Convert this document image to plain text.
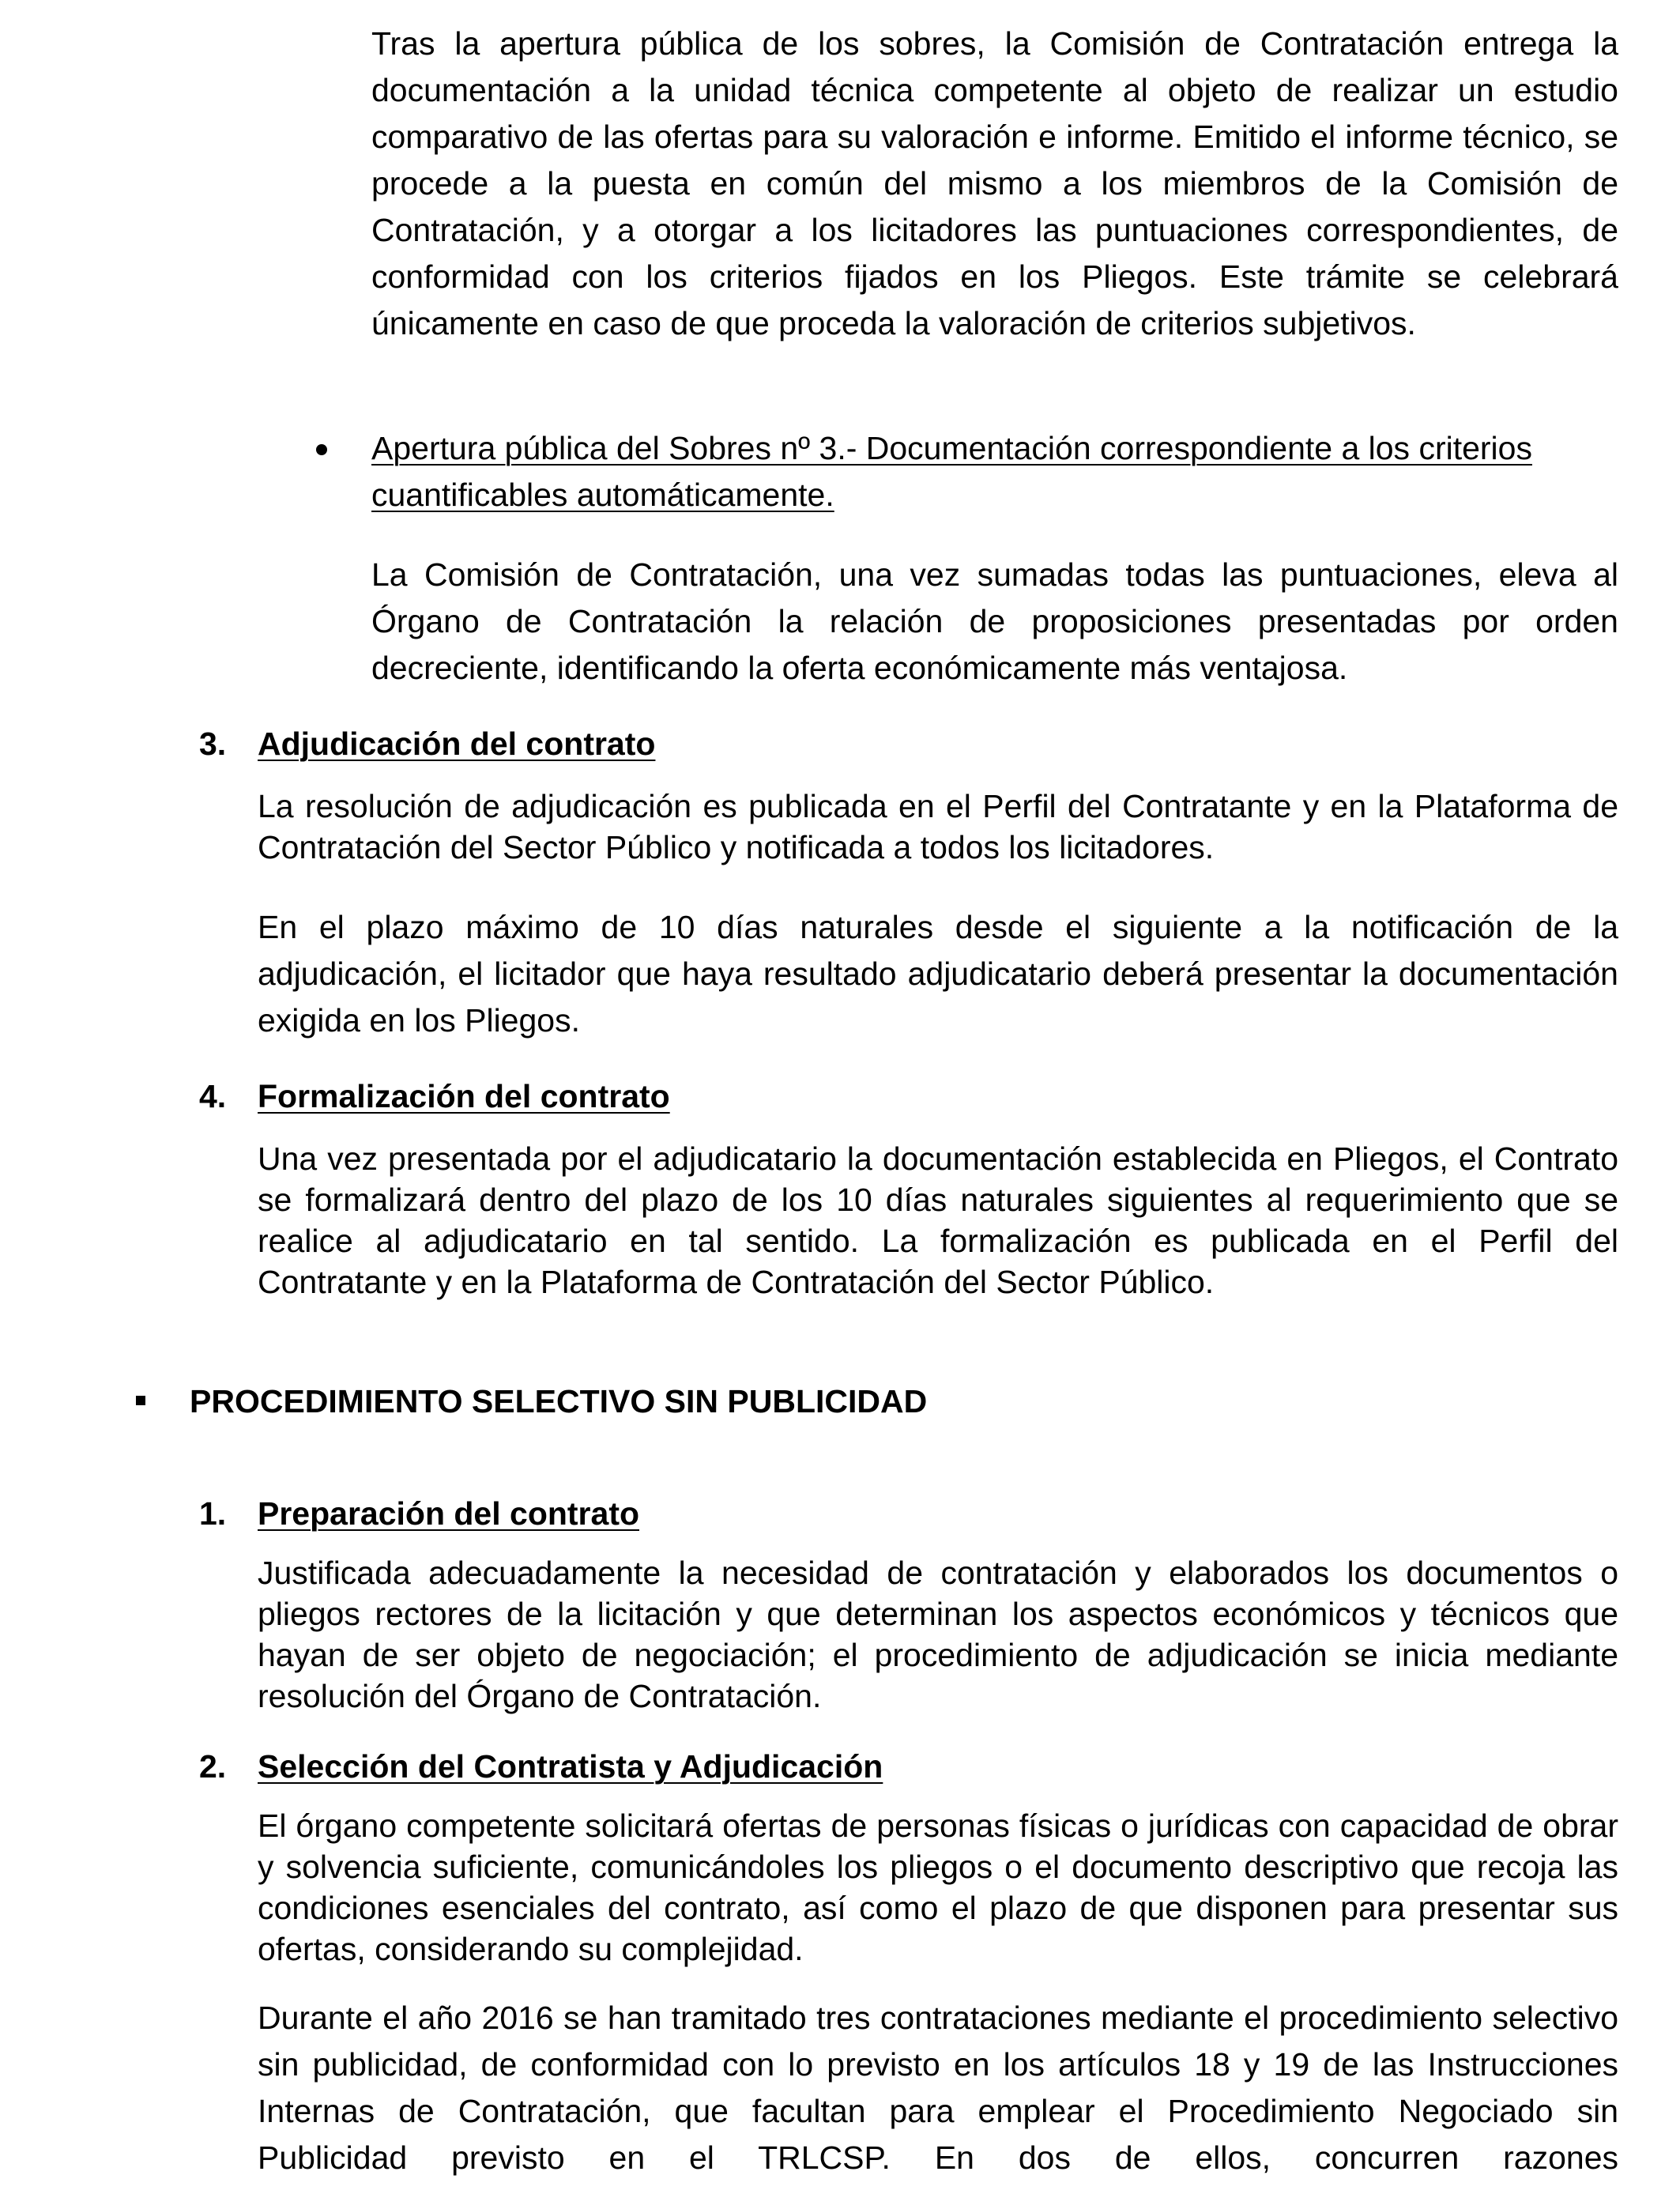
Tras la apertura pública de los sobres, la Comisión de Contratación entrega la documentación a la unidad técnica competente al objeto de realizar un estudio comparativo de las ofertas para su valoración e informe. Emitido el informe técnico, se procede a la puesta en común del mismo a los miembros de la Comisión de Contratación, y a otorgar a los licitadores las puntuaciones correspondientes, de conformidad con los criterios fijados en los Pliegos. Este trámite se celebrará únicamente en caso de que proceda la valoración de criterios subjetivos.

Apertura pública del Sobres nº 3.- Documentación correspondiente a los criterios cuantificables automáticamente.

La Comisión de Contratación, una vez sumadas todas las puntuaciones, eleva al Órgano de Contratación la relación de proposiciones presentadas por orden decreciente, identificando la oferta económicamente más ventajosa.

3. Adjudicación del contrato

La resolución de adjudicación es publicada en el Perfil del Contratante y en la Plataforma de Contratación del Sector Público y notificada a todos los licitadores.

En el plazo máximo de 10 días naturales desde el siguiente a la notificación de la adjudicación, el licitador que haya resultado adjudicatario deberá presentar la documentación exigida en los Pliegos.

4. Formalización del contrato

Una vez presentada por el adjudicatario la documentación establecida en Pliegos, el Contrato se formalizará dentro del plazo de los 10 días naturales siguientes al requerimiento que se realice al adjudicatario en tal sentido. La formalización es publicada en el Perfil del Contratante y en la Plataforma de Contratación del Sector Público.

PROCEDIMIENTO SELECTIVO SIN PUBLICIDAD
1. Preparación del contrato

Justificada adecuadamente la necesidad de contratación y elaborados los documentos o pliegos rectores de la licitación y que determinan los aspectos económicos y técnicos que hayan de ser objeto de negociación; el procedimiento de adjudicación se inicia mediante resolución del Órgano de Contratación.

2. Selección del Contratista y Adjudicación

El órgano competente solicitará ofertas de personas físicas o jurídicas con capacidad de obrar y solvencia suficiente, comunicándoles los pliegos o el documento descriptivo que recoja las condiciones esenciales del contrato, así como el plazo de que disponen para presentar sus ofertas, considerando su complejidad.

Durante el año 2016 se han tramitado tres contrataciones mediante el procedimiento selectivo sin publicidad, de conformidad con lo previsto en los artículos 18 y 19 de las Instrucciones Internas de Contratación, que facultan para emplear el Procedimiento Negociado sin Publicidad previsto en el TRLCSP. En dos de ellos, concurren razones
